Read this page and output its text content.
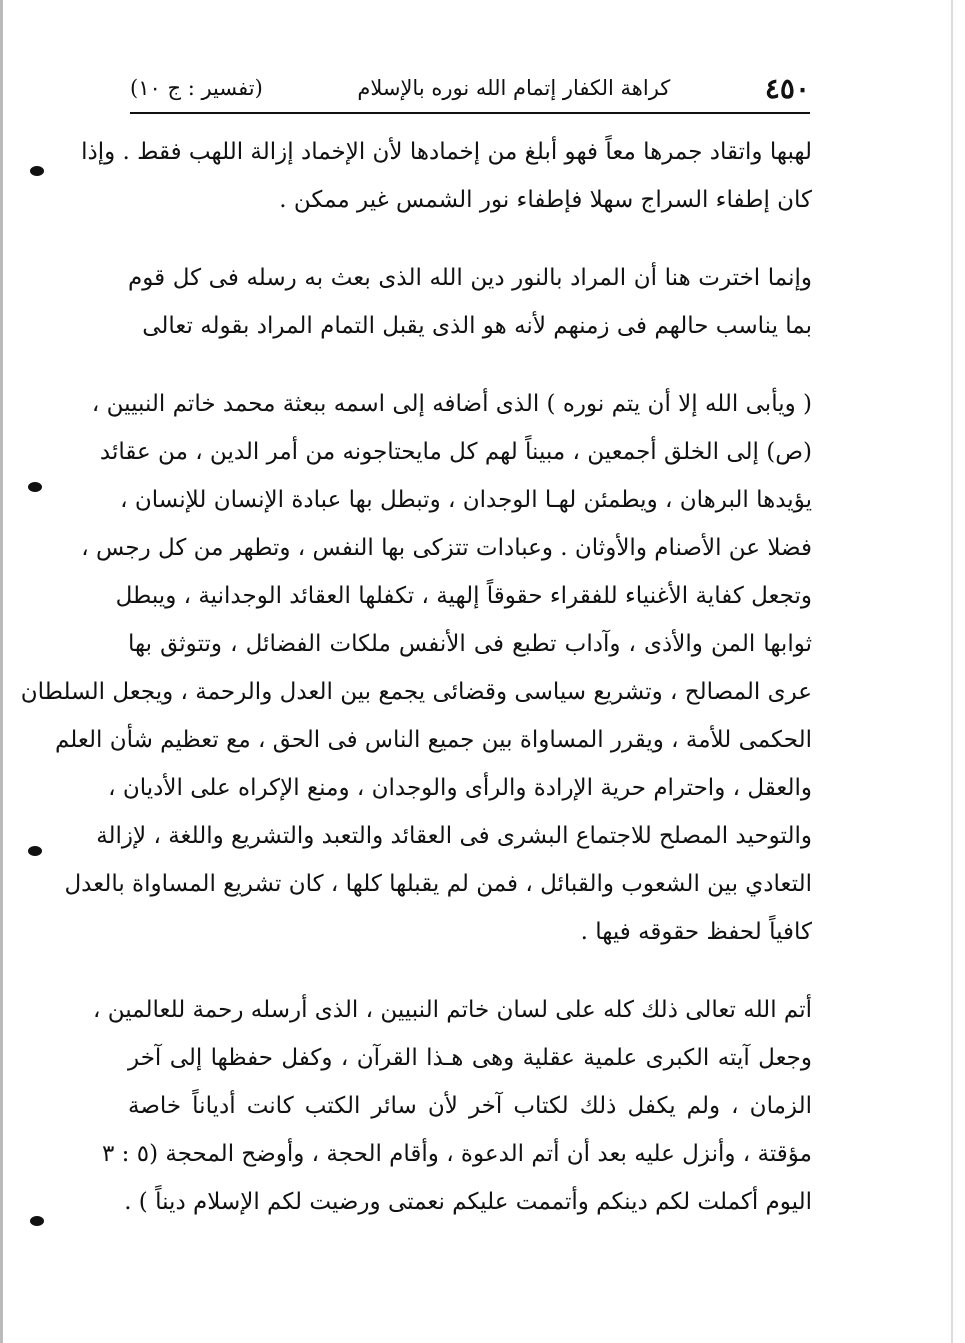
٤٥٠
كراهة الكفار إتمام الله نوره بالإسلام
(تفسير : ج ١٠)
لهبها واتقاد جمرها معاً فهو أبلغ من إخمادها لأن الإخماد إزالة اللهب فقط . وإذا
كان إطفاء السراج سهلا فإطفاء نور الشمس غير ممكن .
وإنما اخترت هنا أن المراد بالنور دين الله الذى بعث به رسله فى كل قوم
بما يناسب حالهم فى زمنهم لأنه هو الذى يقبل التمام المراد بقوله تعالى
( ويأبى الله إلا أن يتم نوره ) الذى أضافه إلى اسمه ببعثة محمد خاتم النبيين ،
(ص) إلى الخلق أجمعين ، مبيناً لهم كل مايحتاجونه من أمر الدين ، من عقائد
يؤيدها البرهان ، ويطمئن لهـا الوجدان ، وتبطل بها عبادة الإنسان للإنسان ،
فضلا عن الأصنام والأوثان . وعبادات تتزكى بها النفس ، وتطهر من كل رجس ،
وتجعل كفاية الأغنياء للفقراء حقوقاً إلهية ، تكفلها العقائد الوجدانية ، ويبطل
ثوابها المن والأذى ، وآداب تطبع فى الأنفس ملكات الفضائل ، وتتوثق بها
عرى المصالح ، وتشريع سياسى وقضائى يجمع بين العدل والرحمة ، ويجعل السلطان
الحكمى للأمة ، ويقرر المساواة بين جميع الناس فى الحق ، مع تعظيم شأن العلم
والعقل ، واحترام حرية الإرادة والرأى والوجدان ، ومنع الإكراه على الأديان ،
والتوحيد المصلح للاجتماع البشرى فى العقائد والتعبد والتشريع واللغة ، لإزالة
التعادي بين الشعوب والقبائل ، فمن لم يقبلها كلها ، كان تشريع المساواة بالعدل
كافياً لحفظ حقوقه فيها .
أتم الله تعالى ذلك كله على لسان خاتم النبيين ، الذى أرسله رحمة للعالمين ،
وجعل آيته الكبرى علمية عقلية وهى هـذا القرآن ، وكفل حفظها إلى آخر
الزمان ، ولم يكفل ذلك لكتاب آخر لأن سائر الكتب كانت أدياناً خاصة
مؤقتة ، وأنزل عليه بعد أن أتم الدعوة ، وأقام الحجة ، وأوضح المحجة (٥ : ٣
اليوم أكملت لكم دينكم وأتممت عليكم نعمتى ورضيت لكم الإسلام ديناً ) .
